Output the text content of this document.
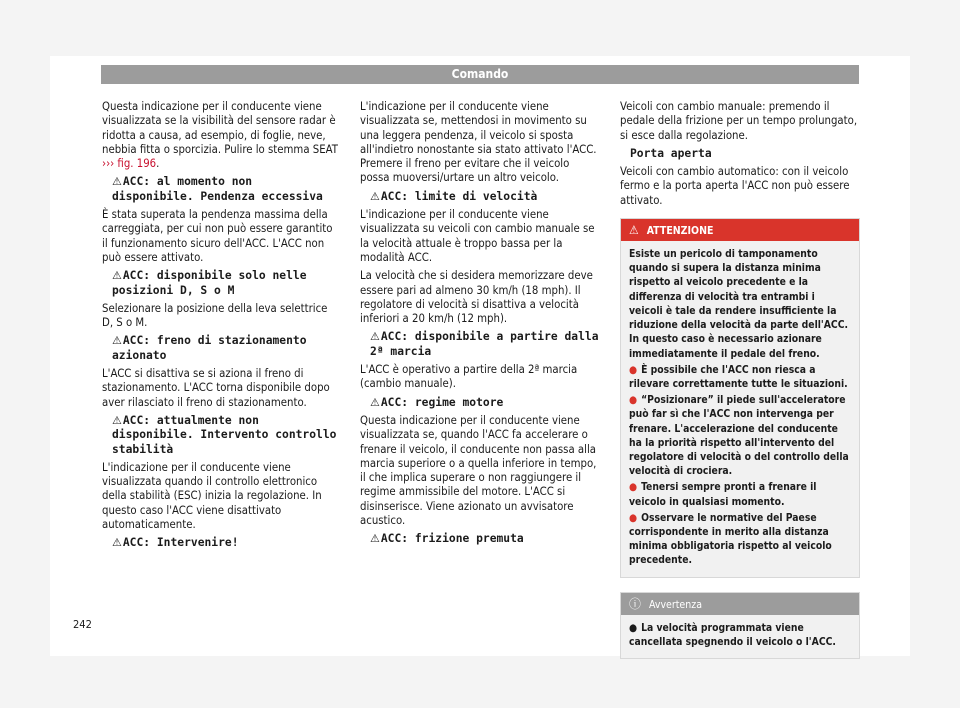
Comando

Questa indicazione per il conducente viene visualizzata se la visibilità del sensore radar è ridotta a causa, ad esempio, di foglie, neve, nebbia fitta o sporcizia. Pulire lo stemma SEAT ››› fig. 196.

⚠ACC: al momento non disponibile. Pendenza eccessiva

È stata superata la pendenza massima della carreggiata, per cui non può essere garantito il funzionamento sicuro dell'ACC. L'ACC non può essere attivato.

⚠ACC: disponibile solo nelle posizioni D, S o M

Selezionare la posizione della leva selettrice D, S o M.

⚠ACC: freno di stazionamento azionato

L'ACC si disattiva se si aziona il freno di stazionamento. L'ACC torna disponibile dopo aver rilasciato il freno di stazionamento.

⚠ACC: attualmente non disponibile. Intervento controllo stabilità

L'indicazione per il conducente viene visualizzata quando il controllo elettronico della stabilità (ESC) inizia la regolazione. In questo caso l'ACC viene disattivato automaticamente.

⚠ACC: Intervenire!

L'indicazione per il conducente viene visualizzata se, mettendosi in movimento su una leggera pendenza, il veicolo si sposta all'indietro nonostante sia stato attivato l'ACC. Premere il freno per evitare che il veicolo possa muoversi/urtare un altro veicolo.

⚠ACC: limite di velocità

L'indicazione per il conducente viene visualizzata su veicoli con cambio manuale se la velocità attuale è troppo bassa per la modalità ACC.

La velocità che si desidera memorizzare deve essere pari ad almeno 30 km/h (18 mph). Il regolatore di velocità si disattiva a velocità inferiori a 20 km/h (12 mph).

⚠ACC: disponibile a partire dalla 2ª marcia

L'ACC è operativo a partire della 2ª marcia (cambio manuale).

⚠ACC: regime motore

Questa indicazione per il conducente viene visualizzata se, quando l'ACC fa accelerare o frenare il veicolo, il conducente non passa alla marcia superiore o a quella inferiore in tempo, il che implica superare o non raggiungere il regime ammissibile del motore. L'ACC si disinserisce. Viene azionato un avvisatore acustico.

⚠ACC: frizione premuta

Veicoli con cambio manuale: premendo il pedale della frizione per un tempo prolungato, si esce dalla regolazione.

Porta aperta

Veicoli con cambio automatico: con il veicolo fermo e la porta aperta l'ACC non può essere attivato.

⚠ ATTENZIONE

Esiste un pericolo di tamponamento quando si supera la distanza minima rispetto al veicolo precedente e la differenza di velocità tra entrambi i veicoli è tale da rendere insufficiente la riduzione della velocità da parte dell'ACC. In questo caso è necessario azionare immediatamente il pedale del freno.

● È possibile che l'ACC non riesca a rilevare correttamente tutte le situazioni.

● “Posizionare” il piede sull'acceleratore può far sì che l'ACC non intervenga per frenare. L'accelerazione del conducente ha la priorità rispetto all'intervento del regolatore di velocità o del controllo della velocità di crociera.

● Tenersi sempre pronti a frenare il veicolo in qualsiasi momento.

● Osservare le normative del Paese corrispondente in merito alla distanza minima obbligatoria rispetto al veicolo precedente.

ⓘ Avvertenza

● La velocità programmata viene cancellata spegnendo il veicolo o l'ACC.

242
